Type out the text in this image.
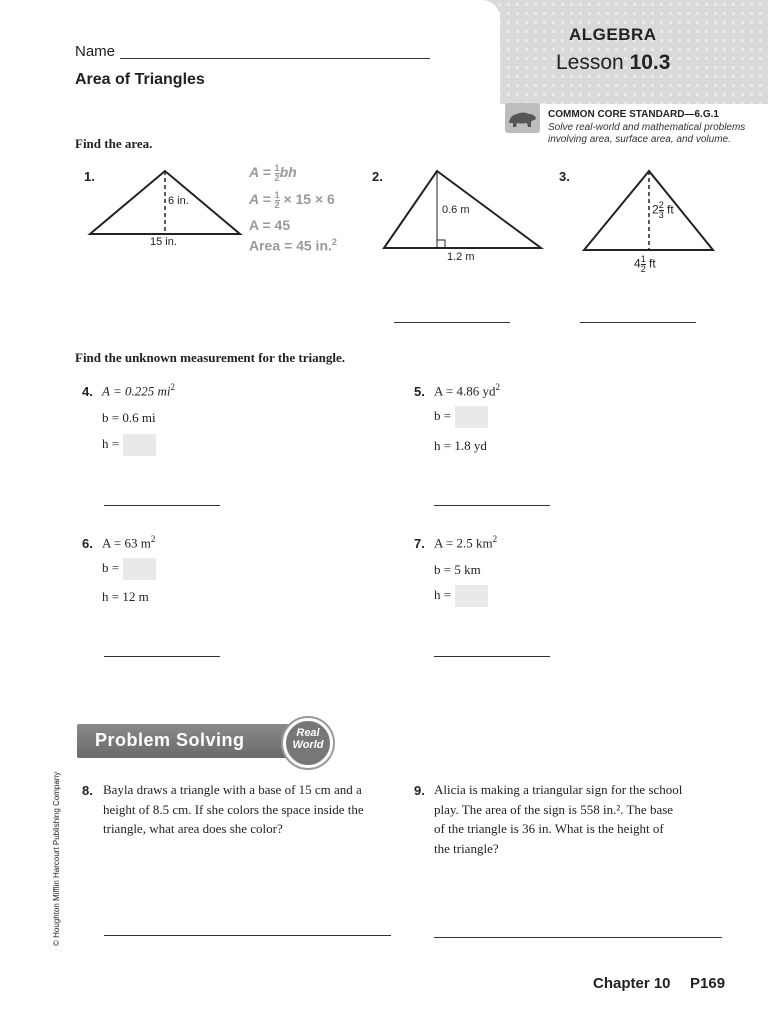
Name
Area of Triangles
ALGEBRA
Lesson 10.3
COMMON CORE STANDARD—6.G.1
Solve real-world and mathematical problems
involving area, surface area, and volume.
Find the area.
1.
6 in.
15 in.
$A = \frac{1}{2}$ bh
$A = \frac{1}{2} \times 15 \times 6$
A = 45
Area = 45 in.$^2$
2.
0.6 m
1.2 m
3.
$2 \frac{2}{3}$ ft
$4 \frac{1}{2}$ ft
Find the unknown measurement for the triangle.
4. A = 0.225 $mi^2$
b = 0.6 mi
h =
5. A = 4.86 $yd^2$
b =
h = 1.8 yd
6. A = 63 $m^2$
b =
h = 12 m
7. A = 2.5 $km^2$
b = 5 km
h =
Problem Solving	Real
World
8. Bayla draws a triangle with a base of 15 cm and a
height of 8.5 cm. If she colors the space inside the
triangle, what area does she color?
9. Alicia is making a triangular sign for the school
play. The area of the sign is 558 in.². The base
of the triangle is 36 in. What is the height of
the triangle?
© Houghton Mifflin Harcourt Publishing Company
Chapter 10 P169
